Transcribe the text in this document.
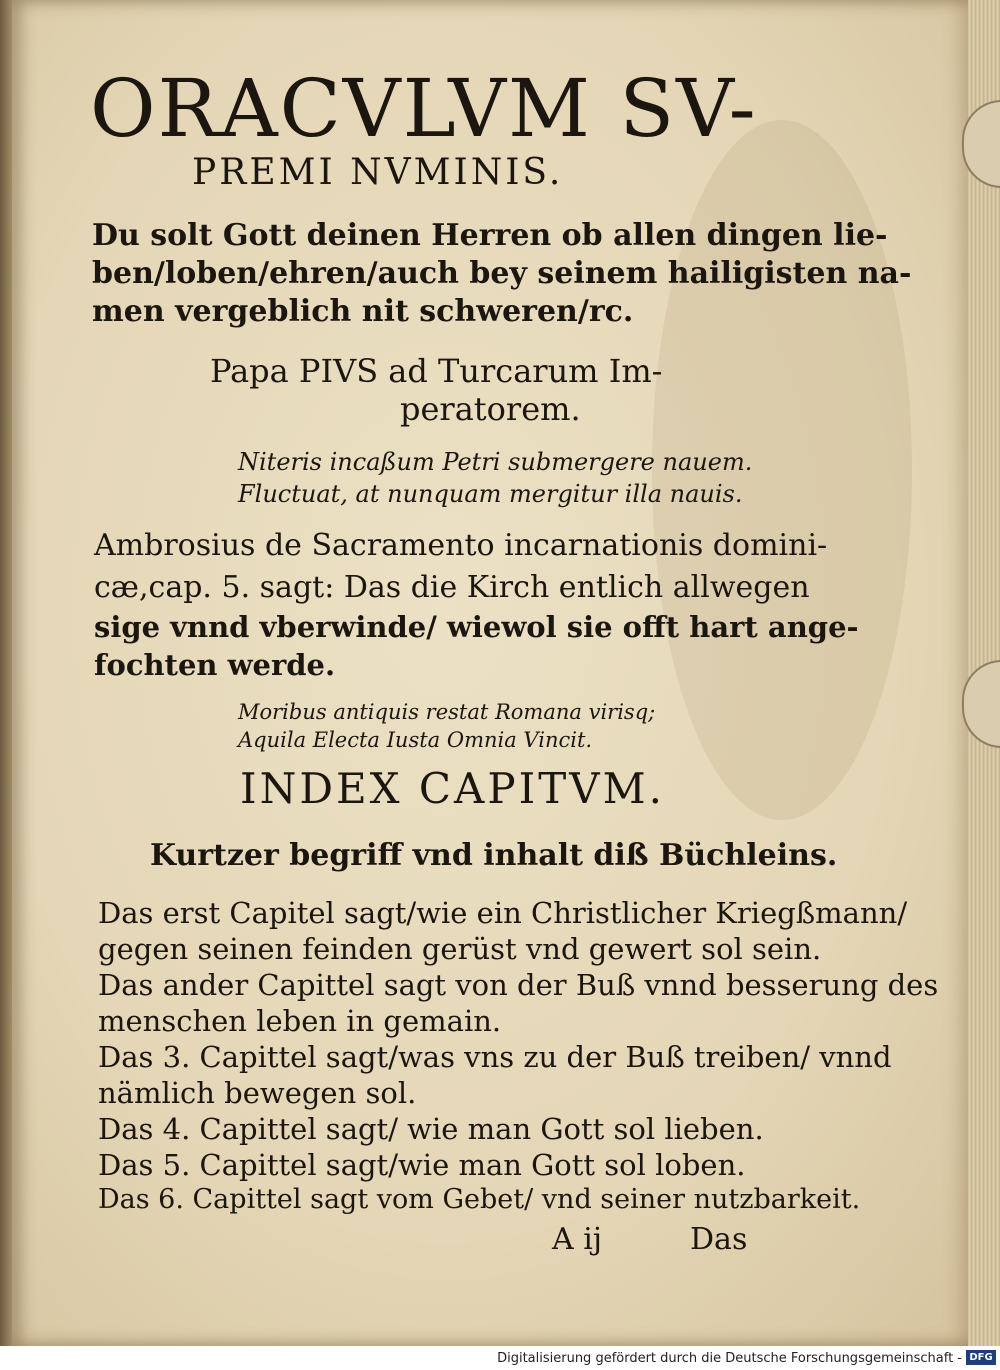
ORACVLVM SV-
PREMI NVMINIS.
Du solt Gott deinen Herren ob allen dingen lie-
ben/loben/ehren/auch bey seinem hailigisten na-
men vergeblich nit schweren/rc.
Papa PIVS ad Turcarum Im-
peratorem.
Niteris incaßum Petri submergere nauem.
Fluctuat, at nunquam mergitur illa nauis.
Ambrosius de Sacramento incarnationis domini-
cæ,cap. 5. sagt: Das die Kirch entlich allwegen
sige vnnd vberwinde/ wiewol sie offt hart ange-
fochten werde.
Moribus antiquis restat Romana virisq;
Aquila Electa Iusta Omnia Vincit.
INDEX CAPITVM.
Kurtzer begriff vnd inhalt diß Büchleins.
Das erst Capitel sagt/wie ein Christlicher Kriegßmann/
gegen seinen feinden gerüst vnd gewert sol sein.
Das ander Capittel sagt von der Buß vnnd besserung des
menschen leben in gemain.
Das 3. Capittel sagt/was vns zu der Buß treiben/ vnnd
nämlich bewegen sol.
Das 4. Capittel sagt/ wie man Gott sol lieben.
Das 5. Capittel sagt/wie man Gott sol loben.
Das 6. Capittel sagt vom Gebet/ vnd seiner nutzbarkeit.
A ij	Das
Digitalisierung gefördert durch die Deutsche Forschungsgemeinschaft - DFG
